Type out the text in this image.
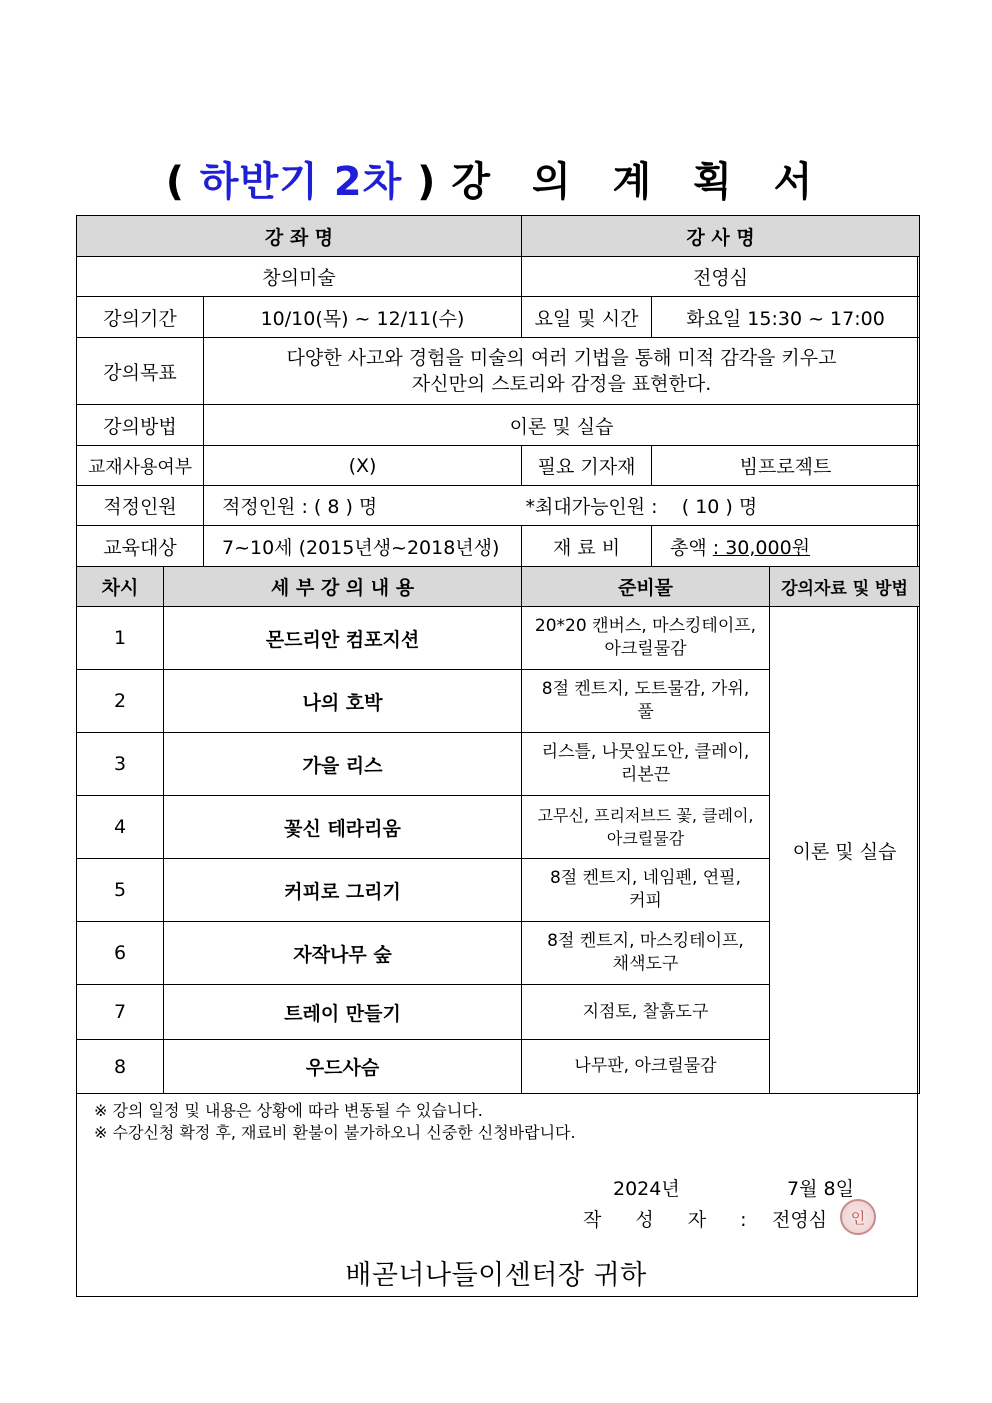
( 하반기 2차 ) 강 의 계 획 서
강 좌 명		강 사 명	
창의미술		전영심	
강의기간	10/10(목) ~ 12/11(수)	요일 및 시간	화요일 15:30 ~ 17:00
강의목표	다양한 사고와 경험을 미술의 여러 기법을 통해 미적 감각을 키우고
자신만의 스토리와 감정을 표현한다.		

강의방법	이론 및 실습		
교재사용여부	(X)	필요 기자재	빔프로젝트
적정인원	적정인원 : ( 8 ) 명	*최대가능인원 :    ( 10 ) 명	
교육대상	7~10세 (2015년생~2018년생)	재 료 비	총액 : 30,000원
차시	세 부 강 의 내 용	준비물	강의자료 및 방법
1	몬드리안 컴포지션	20*20 캔버스, 마스킹테이프,
아크릴물감	이론 및 실습
2	나의 호박	8절 켄트지, 도트물감, 가위,
풀	

3	가을 리스	리스틀, 나뭇잎도안, 클레이,
리본끈	

4	꽃신 테라리움	고무신, 프리저브드 꽃, 클레이,
아크릴물감	

5	커피로 그리기	8절 켄트지, 네임펜, 연필,
커피	

6	자작나무 숲	8절 켄트지, 마스킹테이프,
채색도구	

7	트레이 만들기	지점토, 찰흙도구	
8	우드사슴	나무판, 아크릴물감	
※ 강의 일정 및 내용은 상황에 따라 변동될 수 있습니다.
※ 수강신청 확정 후, 재료비 환불이 불가하오니 신중한 신청바랍니다.
2024년	7월 8일
작 성 자 : 전영심 인
배곧너나들이센터장 귀하
